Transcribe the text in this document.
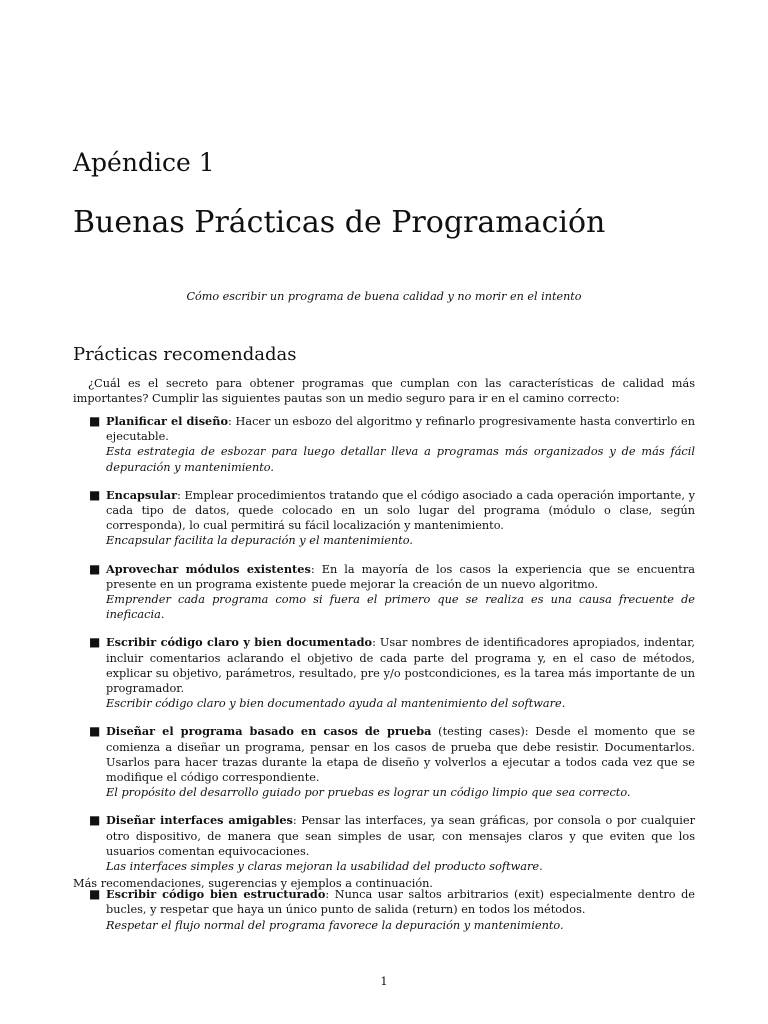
Apéndice 1
Buenas Prácticas de Programación
Cómo escribir un programa de buena calidad y no morir en el intento
Prácticas recomendadas
¿Cuál es el secreto para obtener programas que cumplan con las características de calidad más importantes? Cumplir las siguientes pautas son un medio seguro para ir en el camino correcto:
■ Planificar el diseño: Hacer un esbozo del algoritmo y refinarlo progresivamente hasta convertirlo en ejecutable.
Esta estrategia de esbozar para luego detallar lleva a programas más organizados y de más fácil depuración y mantenimiento.
■ Encapsular: Emplear procedimientos tratando que el código asociado a cada operación importante, y cada tipo de datos, quede colocado en un solo lugar del programa (módulo o clase, según corresponda), lo cual permitirá su fácil localización y mantenimiento.
Encapsular facilita la depuración y el mantenimiento.
■ Aprovechar módulos existentes: En la mayoría de los casos la experiencia que se encuentra presente en un programa existente puede mejorar la creación de un nuevo algoritmo.
Emprender cada programa como si fuera el primero que se realiza es una causa frecuente de ineficacia.
■ Escribir código claro y bien documentado: Usar nombres de identificadores apropiados, indentar, incluir comentarios aclarando el objetivo de cada parte del programa y, en el caso de métodos, explicar su objetivo, parámetros, resultado, pre y/o postcondiciones, es la tarea más importante de un programador.
Escribir código claro y bien documentado ayuda al mantenimiento del software.
■ Diseñar el programa basado en casos de prueba (testing cases): Desde el momento que se comienza a diseñar un programa, pensar en los casos de prueba que debe resistir. Documentarlos. Usarlos para hacer trazas durante la etapa de diseño y volverlos a ejecutar a todos cada vez que se modifique el código correspondiente.
El propósito del desarrollo guiado por pruebas es lograr un código limpio que sea correcto.
■ Diseñar interfaces amigables: Pensar las interfaces, ya sean gráficas, por consola o por cualquier otro dispositivo, de manera que sean simples de usar, con mensajes claros y que eviten que los usuarios comentan equivocaciones.
Las interfaces simples y claras mejoran la usabilidad del producto software.
■ Escribir código bien estructurado: Nunca usar saltos arbitrarios (exit) especialmente dentro de bucles, y respetar que haya un único punto de salida (return) en todos los métodos.
Respetar el flujo normal del programa favorece la depuración y mantenimiento.
Más recomendaciones, sugerencias y ejemplos a continuación.
1
